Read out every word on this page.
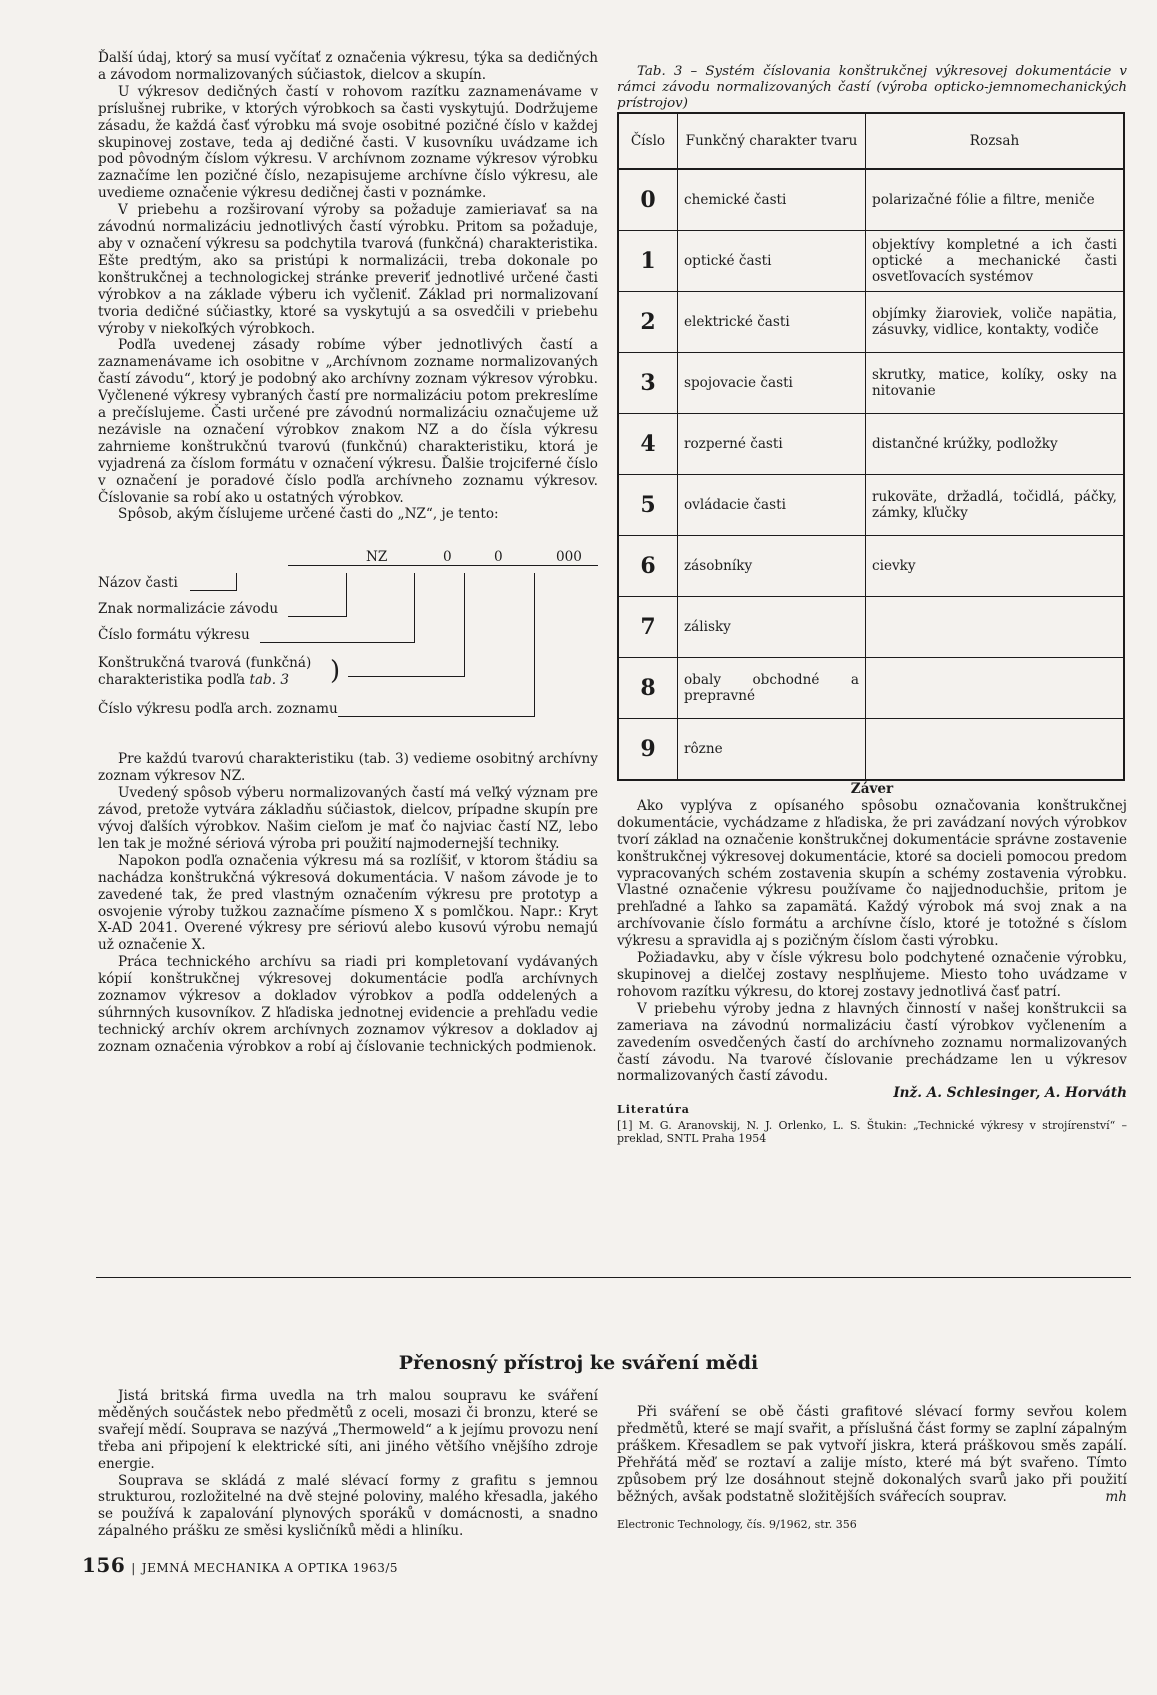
Ďalší údaj, ktorý sa musí vyčítať z označenia výkresu, týka sa dedičných a závodom normalizovaných súčiastok, dielcov a skupín.

U výkresov dedičných častí v rohovom razítku zaznamenávame v príslušnej rubrike, v ktorých výrobkoch sa časti vyskytujú. Dodržujeme zásadu, že každá časť výrobku má svoje osobitné pozičné číslo v každej skupinovej zostave, teda aj dedičné časti. V kusovníku uvádzame ich pod pôvodným číslom výkresu. V archívnom zozname výkresov výrobku zaznačíme len pozičné číslo, nezapisujeme archívne číslo výkresu, ale uvedieme označenie výkresu dedičnej časti v poznámke.

V priebehu a rozširovaní výroby sa požaduje zamieriavať sa na závodnú normalizáciu jednotlivých častí výrobku. Pritom sa požaduje, aby v označení výkresu sa podchytila tvarová (funkčná) charakteristika. Ešte predtým, ako sa pristúpi k normalizácii, treba dokonale po konštrukčnej a technologickej stránke preveriť jednotlivé určené časti výrobkov a na základe výberu ich vyčleniť. Základ pri normalizovaní tvoria dedičné súčiastky, ktoré sa vyskytujú a sa osvedčili v priebehu výroby v niekoľkých výrobkoch.

Podľa uvedenej zásady robíme výber jednotlivých častí a zaznamenávame ich osobitne v „Archívnom zozname normalizovaných častí závodu“, ktorý je podobný ako archívny zoznam výkresov výrobku. Vyčlenené výkresy vybraných častí pre normalizáciu potom prekreslíme a prečíslujeme. Časti určené pre závodnú normalizáciu označujeme už nezávisle na označení výrobkov znakom NZ a do čísla výkresu zahrnieme konštrukčnú tvarovú (funkčnú) charakteristiku, ktorá je vyjadrená za číslom formátu v označení výkresu. Ďalšie trojciferné číslo v označení je poradové číslo podľa archívneho zoznamu výkresov. Číslovanie sa robí ako u ostatných výrobkov.

Spôsob, akým číslujeme určené časti do „NZ“, je tento:

NZ	0	0	000
Názov časti
Znak normalizácie závodu
Číslo formátu výkresu
Konštrukčná tvarová (funkčná)
charakteristika podľa tab. 3 )
Číslo výkresu podľa arch. zoznamu

Pre každú tvarovú charakteristiku (tab. 3) vedieme osobitný archívny zoznam výkresov NZ.

Uvedený spôsob výberu normalizovaných častí má veľký význam pre závod, pretože vytvára základňu súčiastok, dielcov, prípadne skupín pre vývoj ďalších výrobkov. Našim cieľom je mať čo najviac častí NZ, lebo len tak je možné sériová výroba pri použití najmodernejší techniky.

Napokon podľa označenia výkresu má sa rozlíšiť, v ktorom štádiu sa nachádza konštrukčná výkresová dokumentácia. V našom závode je to zavedené tak, že pred vlastným označením výkresu pre prototyp a osvojenie výroby tužkou zaznačíme písmeno X s pomlčkou. Napr.: Kryt X-AD 2041. Overené výkresy pre sériovú alebo kusovú výrobu nemajú už označenie X.

Práca technického archívu sa riadi pri kompletovaní vydávaných kópií konštrukčnej výkresovej dokumentácie podľa archívnych zoznamov výkresov a dokladov výrobkov a podľa oddelených a súhrnných kusovníkov. Z hľadiska jednotnej evidencie a prehľadu vedie technický archív okrem archívnych zoznamov výkresov a dokladov aj zoznam označenia výrobkov a robí aj číslovanie technických podmienok.

Tab. 3 – Systém číslovania konštrukčnej výkresovej dokumentácie v rámci závodu normalizovaných častí (výroba opticko-jemnomechanických prístrojov)

Číslo	Funkčný charakter tvaru	Rozsah
0	chemické časti	polarizačné fólie a filtre, meniče
1	optické časti	objektívy kompletné a ich časti optické a mechanické časti osvetľovacích systémov
2	elektrické časti	objímky žiaroviek, voliče napätia, zásuvky, vidlice, kontakty, vodiče
3	spojovacie časti	skrutky, matice, kolíky, osky na nitovanie
4	rozperné časti	distančné krúžky, podložky
5	ovládacie časti	rukoväte, držadlá, točidlá, páčky, zámky, kľučky
6	zásobníky	cievky
7	zálisky	
8	obaly obchodné a prepravné	
9	rôzne	

Záver

Ako vyplýva z opísaného spôsobu označovania konštrukčnej dokumentácie, vychádzame z hľadiska, že pri zavádzaní nových výrobkov tvorí základ na označenie konštrukčnej dokumentácie správne zostavenie konštrukčnej výkresovej dokumentácie, ktoré sa docieli pomocou predom vypracovaných schém zostavenia skupín a schémy zostavenia výrobku. Vlastné označenie výkresu používame čo najjednoduchšie, pritom je prehľadné a ľahko sa zapamätá. Každý výrobok má svoj znak a na archívovanie číslo formátu a archívne číslo, ktoré je totožné s číslom výkresu a spravidla aj s pozičným číslom časti výrobku.

Požiadavku, aby v čísle výkresu bolo podchytené označenie výrobku, skupinovej a dielčej zostavy nesplňujeme. Miesto toho uvádzame v rohovom razítku výkresu, do ktorej zostavy jednotlivá časť patrí.

V priebehu výroby jedna z hlavných činností v našej konštrukcii sa zameriava na závodnú normalizáciu častí výrobkov vyčlenením a zavedením osvedčených častí do archívneho zoznamu normalizovaných častí závodu. Na tvarové číslovanie prechádzame len u výkresov normalizovaných častí závodu.

Inž. A. Schlesinger, A. Horváth

Literatúra

[1] M. G. Aranovskij, N. J. Orlenko, L. S. Štukin: „Technické výkresy v strojírenství“ – preklad, SNTL Praha 1954

Přenosný přístroj ke sváření mědi

Jistá britská firma uvedla na trh malou soupravu ke sváření měděných součástek nebo předmětů z oceli, mosazi či bronzu, které se svařejí mědí. Souprava se nazývá „Thermoweld“ a k jejímu provozu není třeba ani připojení k elektrické síti, ani jiného většího vnějšího zdroje energie.

Souprava se skládá z malé slévací formy z grafitu s jemnou strukturou, rozložitelné na dvě stejné poloviny, malého křesadla, jakého se používá k zapalování plynových sporáků v domácnosti, a snadno zápalného prášku ze směsi kysličníků mědi a hliníku.

Při sváření se obě části grafitové slévací formy sevřou kolem předmětů, které se mají svařit, a příslušná část formy se zaplní zápalným práškem. Křesadlem se pak vytvoří jiskra, která práškovou směs zapálí. Přehřátá měď se roztaví a zalije místo, které má být svařeno. Tímto způsobem prý lze dosáhnout stejně dokonalých svarů jako při použití běžných, avšak podstatně složitějších svářecích souprav.	mh

Electronic Technology, čís. 9/1962, str. 356

156 | JEMNÁ MECHANIKA A OPTIKA 1963/5
